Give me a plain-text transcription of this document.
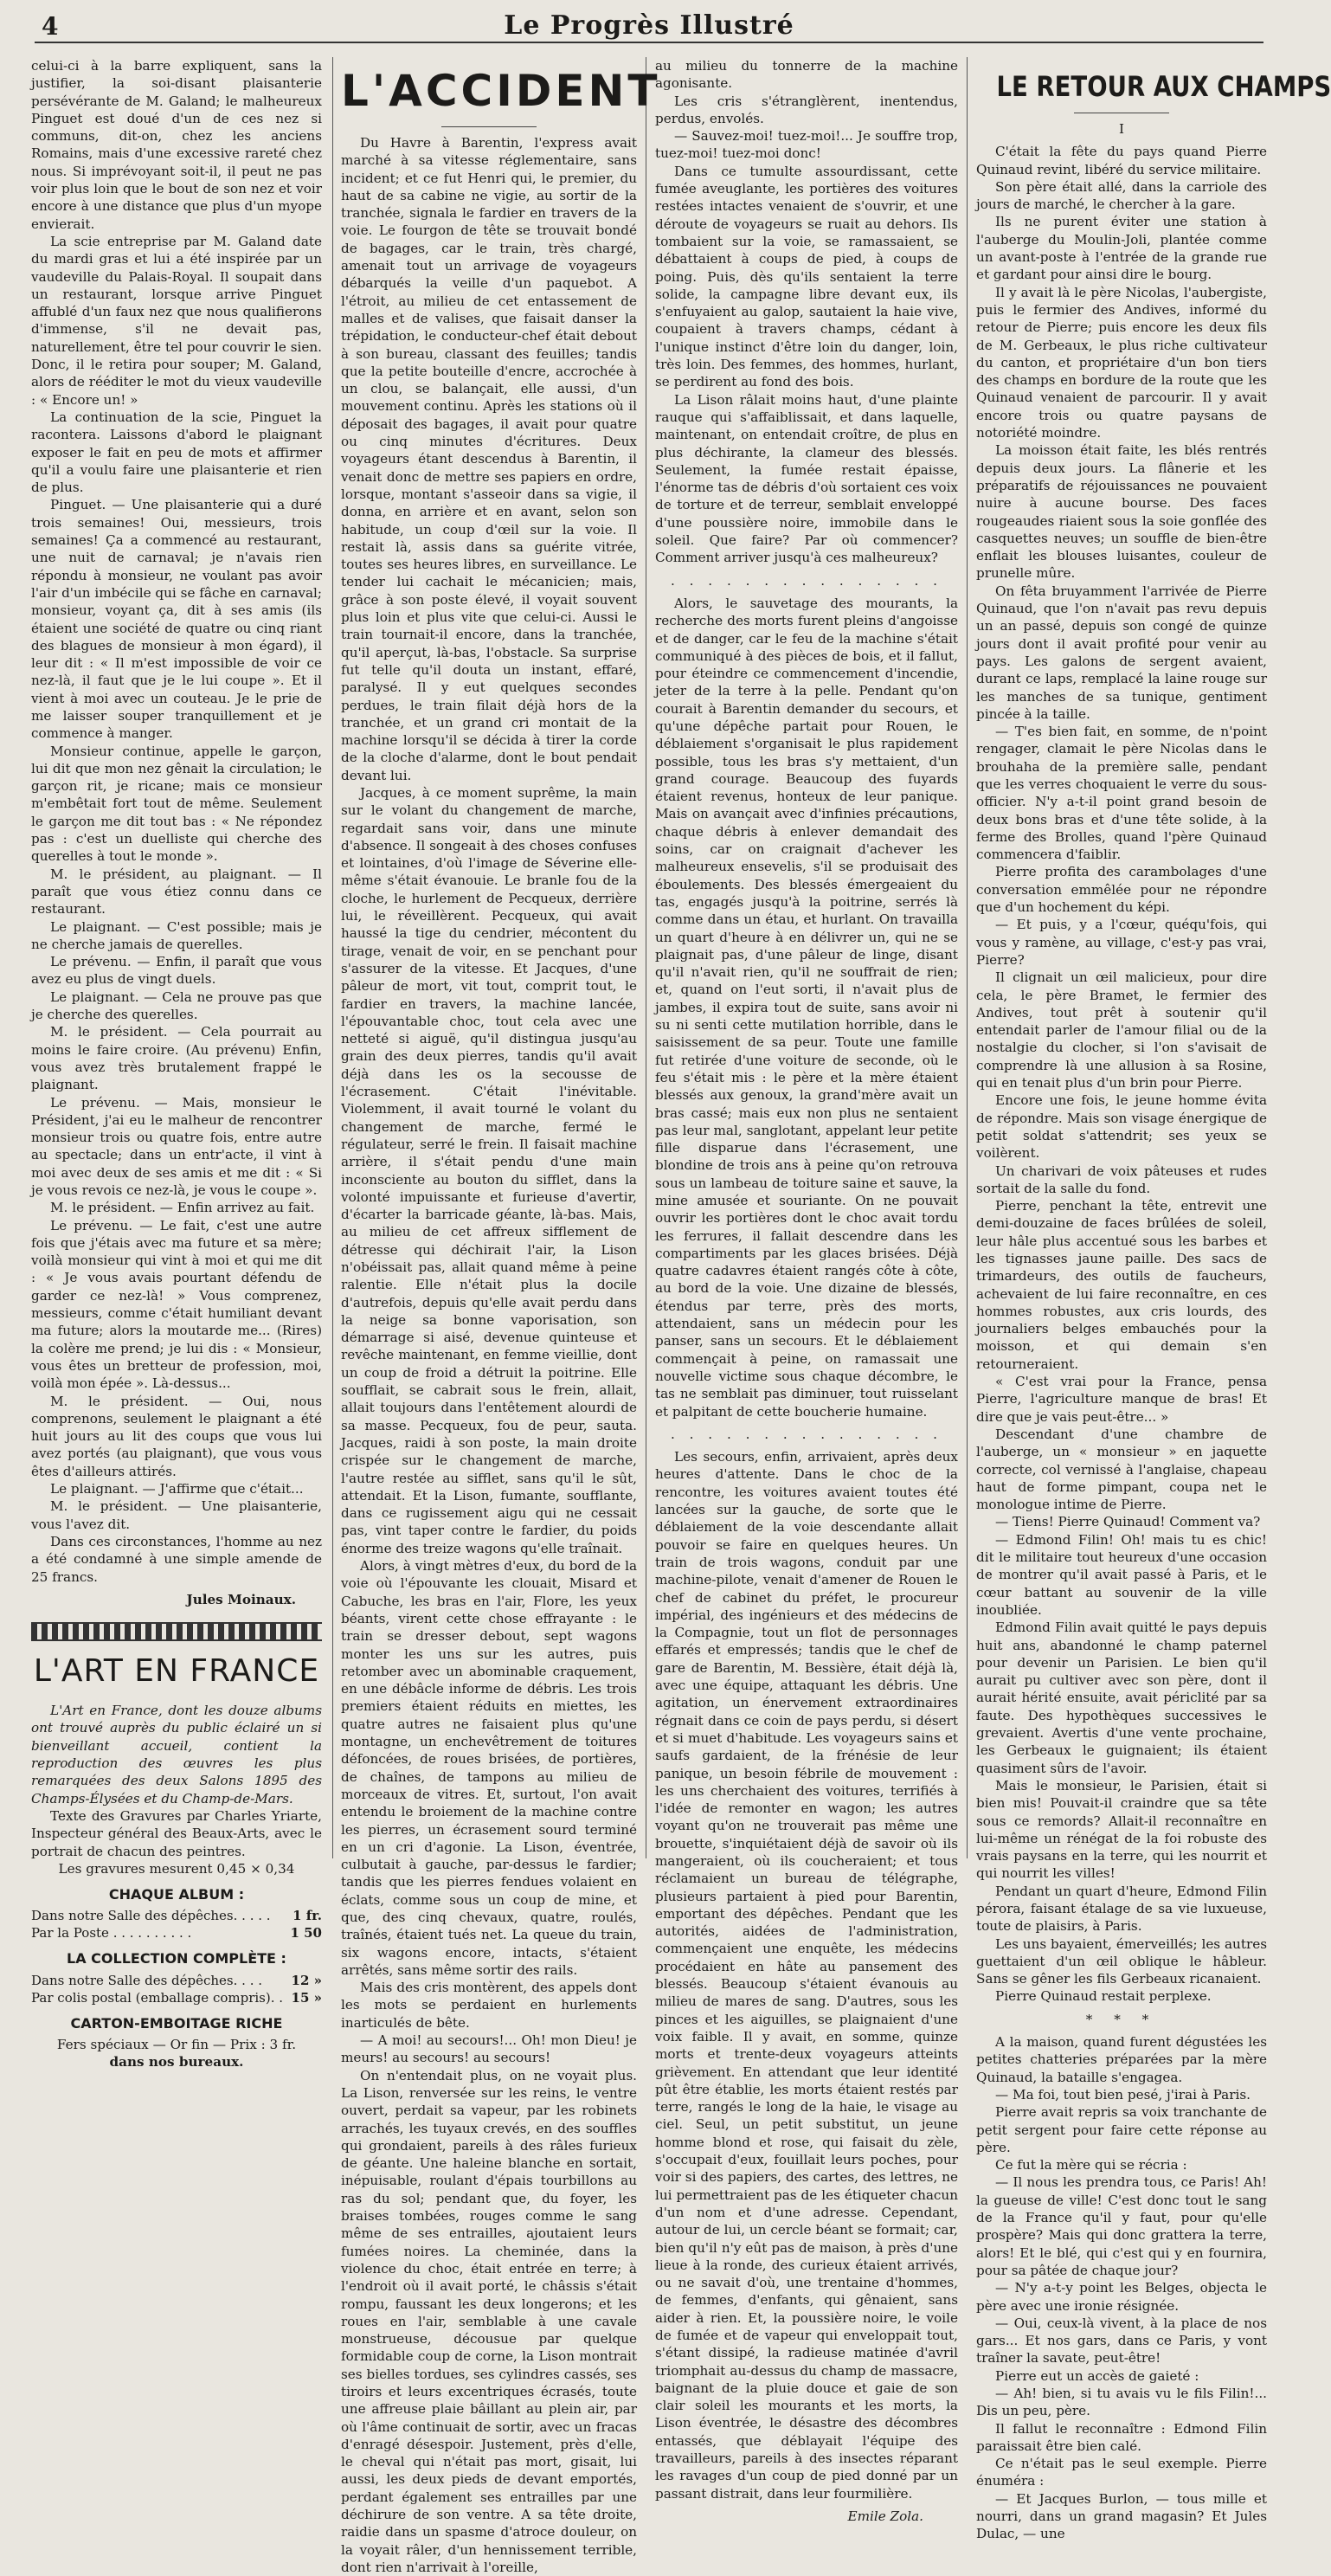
4	Le Progrès Illustré

celui-ci à la barre expliquent, sans la justifier, la soi-disant plaisanterie persévérante de M. Galand; le malheureux Pinguet est doué d'un de ces nez si communs, dit-on, chez les anciens Romains, mais d'une excessive rareté chez nous. Si imprévoyant soit-il, il peut ne pas voir plus loin que le bout de son nez et voir encore à une distance que plus d'un myope envierait.

La scie entreprise par M. Galand date du mardi gras et lui a été inspirée par un vaudeville du Palais-Royal. Il soupait dans un restaurant, lorsque arrive Pinguet affublé d'un faux nez que nous qualifierons d'immense, s'il ne devait pas, naturellement, être tel pour couvrir le sien. Donc, il le retira pour souper; M. Galand, alors de rééditer le mot du vieux vaudeville : « Encore un! »

La continuation de la scie, Pinguet la racontera. Laissons d'abord le plaignant exposer le fait en peu de mots et affirmer qu'il a voulu faire une plaisanterie et rien de plus.

Pinguet. — Une plaisanterie qui a duré trois semaines! Oui, messieurs, trois semaines! Ça a commencé au restaurant, une nuit de carnaval; je n'avais rien répondu à monsieur, ne voulant pas avoir l'air d'un imbécile qui se fâche en carnaval; monsieur, voyant ça, dit à ses amis (ils étaient une société de quatre ou cinq riant des blagues de monsieur à mon égard), il leur dit : « Il m'est impossible de voir ce nez-là, il faut que je le lui coupe ». Et il vient à moi avec un couteau. Je le prie de me laisser souper tranquillement et je commence à manger.

Monsieur continue, appelle le garçon, lui dit que mon nez gênait la circulation; le garçon rit, je ricane; mais ce monsieur m'embêtait fort tout de même. Seulement le garçon me dit tout bas : « Ne répondez pas : c'est un duelliste qui cherche des querelles à tout le monde ».

M. le président, au plaignant. — Il paraît que vous étiez connu dans ce restaurant.

Le plaignant. — C'est possible; mais je ne cherche jamais de querelles.

Le prévenu. — Enfin, il paraît que vous avez eu plus de vingt duels.

Le plaignant. — Cela ne prouve pas que je cherche des querelles.

M. le président. — Cela pourrait au moins le faire croire. (Au prévenu) Enfin, vous avez très brutalement frappé le plaignant.

Le prévenu. — Mais, monsieur le Président, j'ai eu le malheur de rencontrer monsieur trois ou quatre fois, entre autre au spectacle; dans un entr'acte, il vint à moi avec deux de ses amis et me dit : « Si je vous revois ce nez-là, je vous le coupe ».

M. le président. — Enfin arrivez au fait.

Le prévenu. — Le fait, c'est une autre fois que j'étais avec ma future et sa mère; voilà monsieur qui vint à moi et qui me dit : « Je vous avais pourtant défendu de garder ce nez-là! » Vous comprenez, messieurs, comme c'était humiliant devant ma future; alors la moutarde me... (Rires) la colère me prend; je lui dis : « Monsieur, vous êtes un bretteur de profession, moi, voilà mon épée ». Là-dessus...

M. le président. — Oui, nous comprenons, seulement le plaignant a été huit jours au lit des coups que vous lui avez portés (au plaignant), que vous vous êtes d'ailleurs attirés.

Le plaignant. — J'affirme que c'était...

M. le président. — Une plaisanterie, vous l'avez dit.

Dans ces circonstances, l'homme au nez a été condamné à une simple amende de 25 francs.

Jules Moinaux.
L'ART EN FRANCE

L'Art en France, dont les douze albums ont trouvé auprès du public éclairé un si bienveillant accueil, contient la reproduction des œuvres les plus remarquées des deux Salons 1895 des Champs-Élysées et du Champ-de-Mars.

Texte des Gravures par Charles Yriarte, Inspecteur général des Beaux-Arts, avec le portrait de chacun des peintres.

Les gravures mesurent 0,45 × 0,34
CHAQUE ALBUM :
Dans notre Salle des dépêches. . . . . 1 fr.
Par la Poste . . . . . . . . . .	1 50
LA COLLECTION COMPLÈTE :
Dans notre Salle des dépêches. . . . 12 »
Par colis postal (emballage compris). . 15 »
CARTON-EMBOITAGE RICHE
Fers spéciaux — Or fin — Prix : 3 fr.
dans nos bureaux.
L'ACCIDENT

Du Havre à Barentin, l'express avait marché à sa vitesse réglementaire, sans incident; et ce fut Henri qui, le premier, du haut de sa cabine ne vigie, au sortir de la tranchée, signala le fardier en travers de la voie. Le fourgon de tête se trouvait bondé de bagages, car le train, très chargé, amenait tout un arrivage de voyageurs débarqués la veille d'un paquebot. A l'étroit, au milieu de cet entassement de malles et de valises, que faisait danser la trépidation, le conducteur-chef était debout à son bureau, classant des feuilles; tandis que la petite bouteille d'encre, accrochée à un clou, se balançait, elle aussi, d'un mouvement continu. Après les stations où il déposait des bagages, il avait pour quatre ou cinq minutes d'écritures. Deux voyageurs étant descendus à Barentin, il venait donc de mettre ses papiers en ordre, lorsque, montant s'asseoir dans sa vigie, il donna, en arrière et en avant, selon son habitude, un coup d'œil sur la voie. Il restait là, assis dans sa guérite vitrée, toutes ses heures libres, en surveillance. Le tender lui cachait le mécanicien; mais, grâce à son poste élevé, il voyait souvent plus loin et plus vite que celui-ci. Aussi le train tournait-il encore, dans la tranchée, qu'il aperçut, là-bas, l'obstacle. Sa surprise fut telle qu'il douta un instant, effaré, paralysé. Il y eut quelques secondes perdues, le train filait déjà hors de la tranchée, et un grand cri montait de la machine lorsqu'il se décida à tirer la corde de la cloche d'alarme, dont le bout pendait devant lui.

Jacques, à ce moment suprême, la main sur le volant du changement de marche, regardait sans voir, dans une minute d'absence. Il songeait à des choses confuses et lointaines, d'où l'image de Séverine elle-même s'était évanouie. Le branle fou de la cloche, le hurlement de Pecqueux, derrière lui, le réveillèrent. Pecqueux, qui avait haussé la tige du cendrier, mécontent du tirage, venait de voir, en se penchant pour s'assurer de la vitesse. Et Jacques, d'une pâleur de mort, vit tout, comprit tout, le fardier en travers, la machine lancée, l'épouvantable choc, tout cela avec une netteté si aiguë, qu'il distingua jusqu'au grain des deux pierres, tandis qu'il avait déjà dans les os la secousse de l'écrasement. C'était l'inévitable. Violemment, il avait tourné le volant du changement de marche, fermé le régulateur, serré le frein. Il faisait machine arrière, il s'était pendu d'une main inconsciente au bouton du sifflet, dans la volonté impuissante et furieuse d'avertir, d'écarter la barricade géante, là-bas. Mais, au milieu de cet affreux sifflement de détresse qui déchirait l'air, la Lison n'obéissait pas, allait quand même à peine ralentie. Elle n'était plus la docile d'autrefois, depuis qu'elle avait perdu dans la neige sa bonne vaporisation, son démarrage si aisé, devenue quinteuse et revêche maintenant, en femme vieillie, dont un coup de froid a détruit la poitrine. Elle soufflait, se cabrait sous le frein, allait, allait toujours dans l'entêtement alourdi de sa masse. Pecqueux, fou de peur, sauta. Jacques, raidi à son poste, la main droite crispée sur le changement de marche, l'autre restée au sifflet, sans qu'il le sût, attendait. Et la Lison, fumante, soufflante, dans ce rugissement aigu qui ne cessait pas, vint taper contre le fardier, du poids énorme des treize wagons qu'elle traînait.

Alors, à vingt mètres d'eux, du bord de la voie où l'épouvante les clouait, Misard et Cabuche, les bras en l'air, Flore, les yeux béants, virent cette chose effrayante : le train se dresser debout, sept wagons monter les uns sur les autres, puis retomber avec un abominable craquement, en une débâcle informe de débris. Les trois premiers étaient réduits en miettes, les quatre autres ne faisaient plus qu'une montagne, un enchevêtrement de toitures défoncées, de roues brisées, de portières, de chaînes, de tampons au milieu de morceaux de vitres. Et, surtout, l'on avait entendu le broiement de la machine contre les pierres, un écrasement sourd terminé en un cri d'agonie. La Lison, éventrée, culbutait à gauche, par-dessus le fardier; tandis que les pierres fendues volaient en éclats, comme sous un coup de mine, et que, des cinq chevaux, quatre, roulés, traînés, étaient tués net. La queue du train, six wagons encore, intacts, s'étaient arrêtés, sans même sortir des rails.

Mais des cris montèrent, des appels dont les mots se perdaient en hurlements inarticulés de bête.

— A moi! au secours!... Oh! mon Dieu! je meurs! au secours! au secours!

On n'entendait plus, on ne voyait plus. La Lison, renversée sur les reins, le ventre ouvert, perdait sa vapeur, par les robinets arrachés, les tuyaux crevés, en des souffles qui grondaient, pareils à des râles furieux de géante. Une haleine blanche en sortait, inépuisable, roulant d'épais tourbillons au ras du sol; pendant que, du foyer, les braises tombées, rouges comme le sang même de ses entrailles, ajoutaient leurs fumées noires. La cheminée, dans la violence du choc, était entrée en terre; à l'endroit où il avait porté, le châssis s'était rompu, faussant les deux longerons; et les roues en l'air, semblable à une cavale monstrueuse, décousue par quelque formidable coup de corne, la Lison montrait ses bielles tordues, ses cylindres cassés, ses tiroirs et leurs excentriques écrasés, toute une affreuse plaie bâillant au plein air, par où l'âme continuait de sortir, avec un fracas d'enragé désespoir. Justement, près d'elle, le cheval qui n'était pas mort, gisait, lui aussi, les deux pieds de devant emportés, perdant également ses entrailles par une déchirure de son ventre. A sa tête droite, raidie dans un spasme d'atroce douleur, on la voyait râler, d'un hennissement terrible, dont rien n'arrivait à l'oreille,

au milieu du tonnerre de la machine agonisante.

Les cris s'étranglèrent, inentendus, perdus, envolés.

— Sauvez-moi! tuez-moi!... Je souffre trop, tuez-moi! tuez-moi donc!

Dans ce tumulte assourdissant, cette fumée aveuglante, les portières des voitures restées intactes venaient de s'ouvrir, et une déroute de voyageurs se ruait au dehors. Ils tombaient sur la voie, se ramassaient, se débattaient à coups de pied, à coups de poing. Puis, dès qu'ils sentaient la terre solide, la campagne libre devant eux, ils s'enfuyaient au galop, sautaient la haie vive, coupaient à travers champs, cédant à l'unique instinct d'être loin du danger, loin, très loin. Des femmes, des hommes, hurlant, se perdirent au fond des bois.

La Lison râlait moins haut, d'une plainte rauque qui s'affaiblissait, et dans laquelle, maintenant, on entendait croître, de plus en plus déchirante, la clameur des blessés. Seulement, la fumée restait épaisse, l'énorme tas de débris d'où sortaient ces voix de torture et de terreur, semblait enveloppé d'une poussière noire, immobile dans le soleil. Que faire? Par où commencer? Comment arriver jusqu'à ces malheureux?

. . . . . . . . . . . . . . .

Alors, le sauvetage des mourants, la recherche des morts furent pleins d'angoisse et de danger, car le feu de la machine s'était communiqué à des pièces de bois, et il fallut, pour éteindre ce commencement d'incendie, jeter de la terre à la pelle. Pendant qu'on courait à Barentin demander du secours, et qu'une dépêche partait pour Rouen, le déblaiement s'organisait le plus rapidement possible, tous les bras s'y mettaient, d'un grand courage. Beaucoup des fuyards étaient revenus, honteux de leur panique. Mais on avançait avec d'infinies précautions, chaque débris à enlever demandait des soins, car on craignait d'achever les malheureux ensevelis, s'il se produisait des éboulements. Des blessés émergeaient du tas, engagés jusqu'à la poitrine, serrés là comme dans un étau, et hurlant. On travailla un quart d'heure à en délivrer un, qui ne se plaignait pas, d'une pâleur de linge, disant qu'il n'avait rien, qu'il ne souffrait de rien; et, quand on l'eut sorti, il n'avait plus de jambes, il expira tout de suite, sans avoir ni su ni senti cette mutilation horrible, dans le saisissement de sa peur. Toute une famille fut retirée d'une voiture de seconde, où le feu s'était mis : le père et la mère étaient blessés aux genoux, la grand'mère avait un bras cassé; mais eux non plus ne sentaient pas leur mal, sanglotant, appelant leur petite fille disparue dans l'écrasement, une blondine de trois ans à peine qu'on retrouva sous un lambeau de toiture saine et sauve, la mine amusée et souriante. On ne pouvait ouvrir les portières dont le choc avait tordu les ferrures, il fallait descendre dans les compartiments par les glaces brisées. Déjà quatre cadavres étaient rangés côte à côte, au bord de la voie. Une dizaine de blessés, étendus par terre, près des morts, attendaient, sans un médecin pour les panser, sans un secours. Et le déblaiement commençait à peine, on ramassait une nouvelle victime sous chaque décombre, le tas ne semblait pas diminuer, tout ruisselant et palpitant de cette boucherie humaine.

. . . . . . . . . . . . . . .

Les secours, enfin, arrivaient, après deux heures d'attente. Dans le choc de la rencontre, les voitures avaient toutes été lancées sur la gauche, de sorte que le déblaiement de la voie descendante allait pouvoir se faire en quelques heures. Un train de trois wagons, conduit par une machine-pilote, venait d'amener de Rouen le chef de cabinet du préfet, le procureur impérial, des ingénieurs et des médecins de la Compagnie, tout un flot de personnages effarés et empressés; tandis que le chef de gare de Barentin, M. Bessière, était déjà là, avec une équipe, attaquant les débris. Une agitation, un énervement extraordinaires régnait dans ce coin de pays perdu, si désert et si muet d'habitude. Les voyageurs sains et saufs gardaient, de la frénésie de leur panique, un besoin fébrile de mouvement : les uns cherchaient des voitures, terrifiés à l'idée de remonter en wagon; les autres voyant qu'on ne trouverait pas même une brouette, s'inquiétaient déjà de savoir où ils mangeraient, où ils coucheraient; et tous réclamaient un bureau de télégraphe, plusieurs partaient à pied pour Barentin, emportant des dépêches. Pendant que les autorités, aidées de l'administration, commençaient une enquête, les médecins procédaient en hâte au pansement des blessés. Beaucoup s'étaient évanouis au milieu de mares de sang. D'autres, sous les pinces et les aiguilles, se plaignaient d'une voix faible. Il y avait, en somme, quinze morts et trente-deux voyageurs atteints grièvement. En attendant que leur identité pût être établie, les morts étaient restés par terre, rangés le long de la haie, le visage au ciel. Seul, un petit substitut, un jeune homme blond et rose, qui faisait du zèle, s'occupait d'eux, fouillait leurs poches, pour voir si des papiers, des cartes, des lettres, ne lui permettraient pas de les étiqueter chacun d'un nom et d'une adresse. Cependant, autour de lui, un cercle béant se formait; car, bien qu'il n'y eût pas de maison, à près d'une lieue à la ronde, des curieux étaient arrivés, ou ne savait d'où, une trentaine d'hommes, de femmes, d'enfants, qui gênaient, sans aider à rien. Et, la poussière noire, le voile de fumée et de vapeur qui enveloppait tout, s'étant dissipé, la radieuse matinée d'avril triomphait au-dessus du champ de massacre, baignant de la pluie douce et gaie de son clair soleil les mourants et les morts, la Lison éventrée, le désastre des décombres entassés, que déblayait l'équipe des travailleurs, pareils à des insectes réparant les ravages d'un coup de pied donné par un passant distrait, dans leur fourmilière.

Emile Zola.
LE RETOUR AUX CHAMPS
I

C'était la fête du pays quand Pierre Quinaud revint, libéré du service militaire.

Son père était allé, dans la carriole des jours de marché, le chercher à la gare.

Ils ne purent éviter une station à l'auberge du Moulin-Joli, plantée comme un avant-poste à l'entrée de la grande rue et gardant pour ainsi dire le bourg.

Il y avait là le père Nicolas, l'aubergiste, puis le fermier des Andives, informé du retour de Pierre; puis encore les deux fils de M. Gerbeaux, le plus riche cultivateur du canton, et propriétaire d'un bon tiers des champs en bordure de la route que les Quinaud venaient de parcourir. Il y avait encore trois ou quatre paysans de notoriété moindre.

La moisson était faite, les blés rentrés depuis deux jours. La flânerie et les préparatifs de réjouissances ne pouvaient nuire à aucune bourse. Des faces rougeaudes riaient sous la soie gonflée des casquettes neuves; un souffle de bien-être enflait les blouses luisantes, couleur de prunelle mûre.

On fêta bruyamment l'arrivée de Pierre Quinaud, que l'on n'avait pas revu depuis un an passé, depuis son congé de quinze jours dont il avait profité pour venir au pays. Les galons de sergent avaient, durant ce laps, remplacé la laine rouge sur les manches de sa tunique, gentiment pincée à la taille.

— T'es bien fait, en somme, de n'point rengager, clamait le père Nicolas dans le brouhaha de la première salle, pendant que les verres choquaient le verre du sous-officier. N'y a-t-il point grand besoin de deux bons bras et d'une tête solide, à la ferme des Brolles, quand l'père Quinaud commencera d'faiblir.

Pierre profita des carambolages d'une conversation emmêlée pour ne répondre que d'un hochement du képi.

— Et puis, y a l'cœur, quéqu'fois, qui vous y ramène, au village, c'est-y pas vrai, Pierre?

Il clignait un œil malicieux, pour dire cela, le père Bramet, le fermier des Andives, tout prêt à soutenir qu'il entendait parler de l'amour filial ou de la nostalgie du clocher, si l'on s'avisait de comprendre là une allusion à sa Rosine, qui en tenait plus d'un brin pour Pierre.

Encore une fois, le jeune homme évita de répondre. Mais son visage énergique de petit soldat s'attendrit; ses yeux se voilèrent.

Un charivari de voix pâteuses et rudes sortait de la salle du fond.

Pierre, penchant la tête, entrevit une demi-douzaine de faces brûlées de soleil, leur hâle plus accentué sous les barbes et les tignasses jaune paille. Des sacs de trimardeurs, des outils de faucheurs, achevaient de lui faire reconnaître, en ces hommes robustes, aux cris lourds, des journaliers belges embauchés pour la moisson, et qui demain s'en retourneraient.

« C'est vrai pour la France, pensa Pierre, l'agriculture manque de bras! Et dire que je vais peut-être... »

Descendant d'une chambre de l'auberge, un « monsieur » en jaquette correcte, col vernissé à l'anglaise, chapeau haut de forme pimpant, coupa net le monologue intime de Pierre.

— Tiens! Pierre Quinaud! Comment va?

— Edmond Filin! Oh! mais tu es chic! dit le militaire tout heureux d'une occasion de montrer qu'il avait passé à Paris, et le cœur battant au souvenir de la ville inoubliée.

Edmond Filin avait quitté le pays depuis huit ans, abandonné le champ paternel pour devenir un Parisien. Le bien qu'il aurait pu cultiver avec son père, dont il aurait hérité ensuite, avait périclité par sa faute. Des hypothèques successives le grevaient. Avertis d'une vente prochaine, les Gerbeaux le guignaient; ils étaient quasiment sûrs de l'avoir.

Mais le monsieur, le Parisien, était si bien mis! Pouvait-il craindre que sa tête sous ce remords? Allait-il reconnaître en lui-même un rénégat de la foi robuste des vrais paysans en la terre, qui les nourrit et qui nourrit les villes!

Pendant un quart d'heure, Edmond Filin pérora, faisant étalage de sa vie luxueuse, toute de plaisirs, à Paris.

Les uns bayaient, émerveillés; les autres guettaient d'un œil oblique le hâbleur. Sans se gêner les fils Gerbeaux ricanaient.

Pierre Quinaud restait perplexe.

* * *

A la maison, quand furent dégustées les petites chatteries préparées par la mère Quinaud, la bataille s'engagea.

— Ma foi, tout bien pesé, j'irai à Paris.

Pierre avait repris sa voix tranchante de petit sergent pour faire cette réponse au père.

Ce fut la mère qui se récria :

— Il nous les prendra tous, ce Paris! Ah! la gueuse de ville! C'est donc tout le sang de la France qu'il y faut, pour qu'elle prospère? Mais qui donc grattera la terre, alors! Et le blé, qui c'est qui y en fournira, pour sa pâtée de chaque jour?

— N'y a-t-y point les Belges, objecta le père avec une ironie résignée.

— Oui, ceux-là vivent, à la place de nos gars... Et nos gars, dans ce Paris, y vont traîner la savate, peut-être!

Pierre eut un accès de gaieté :

— Ah! bien, si tu avais vu le fils Filin!... Dis un peu, père.

Il fallut le reconnaître : Edmond Filin paraissait être bien calé.

Ce n'était pas le seul exemple. Pierre énuméra :

— Et Jacques Burlon, — tous mille et nourri, dans un grand magasin? Et Jules Dulac, — une
